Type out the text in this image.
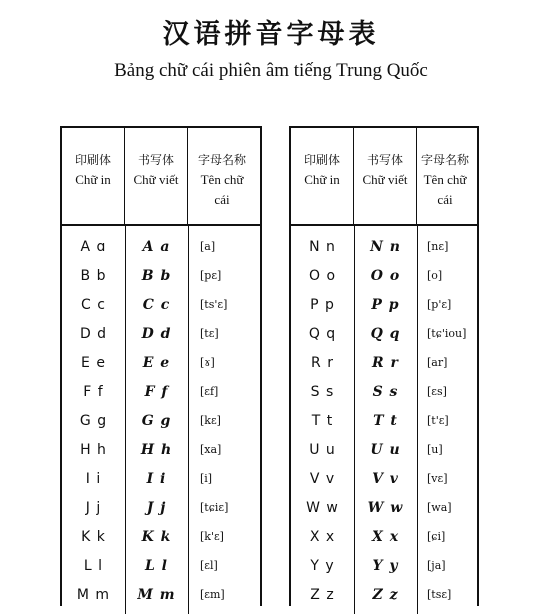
汉语拼音字母表
Bảng chữ cái phiên âm tiếng Trung Quốc
印刷体
Chữ in
书写体
Chữ viết
字母名称
Tên chữ
cái
A ɑ	A a	[a]
B b	B b	[pɛ]
C c	C c	[ts'ɛ]
D d	D d	[tɛ]
E e	E e	[ɤ]
F f	F f	[ɛf]
G g	G g	[kɛ]
H h	H h	[xa]
I i	I i	[i]
J j	J j	[tɕiɛ]
K k	K k	[k'ɛ]
L l	L l	[ɛl]
M m	M m	[ɛm]
印刷体
Chữ in
书写体
Chữ viết
字母名称
Tên chữ
cái
N n	N n	[nɛ]
O o	O o	[o]
P p	P p	[p'ɛ]
Q q	Q q	[tɕ'iou]
R r	R r	[ar]
S s	S s	[ɛs]
T t	T t	[t'ɛ]
U u	U u	[u]
V v	V v	[vɛ]
W w	W w	[wa]
X x	X x	[ɕi]
Y y	Y y	[ja]
Z z	Z z	[tsɛ]
